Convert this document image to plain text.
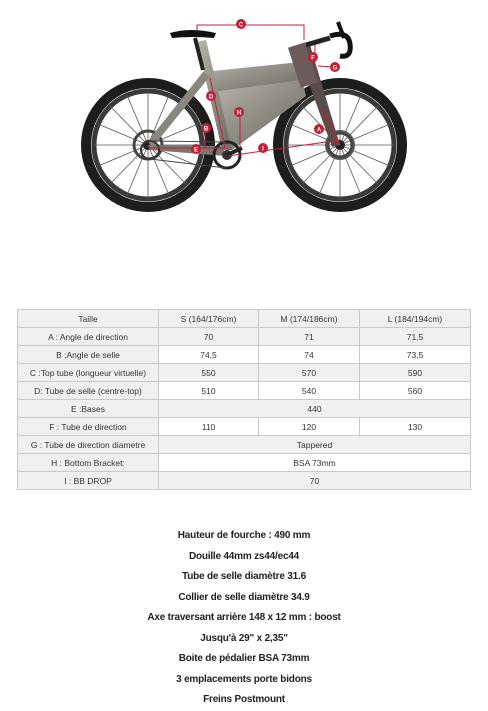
A
B
C
D
E
F
G
H
I
Taille	S (164/176cm)	M (174/186cm)	L (184/194cm)
A : Angle de direction	70	71	71,5
B :Angle de selle	74,5	74	73,5
C :Top tube (longueur virtuelle)	550	570	590
D: Tube de selle (centre-top)	510	540	560
E :Bases	440		
F : Tube de direction	110	120	130
G : Tube de direction diametre	Tappered		
H : Bottom Bracket:	BSA 73mm		
I : BB DROP	70		
Hauteur de fourche : 490 mm
Douille 44mm zs44/ec44
Tube de selle diamètre 31.6
Collier de selle diamètre 34.9
Axe traversant arrière 148 x 12 mm : boost
Jusqu'à 29" x 2,35"
Boite de pédalier BSA 73mm
3 emplacements porte bidons
Freins Postmount
